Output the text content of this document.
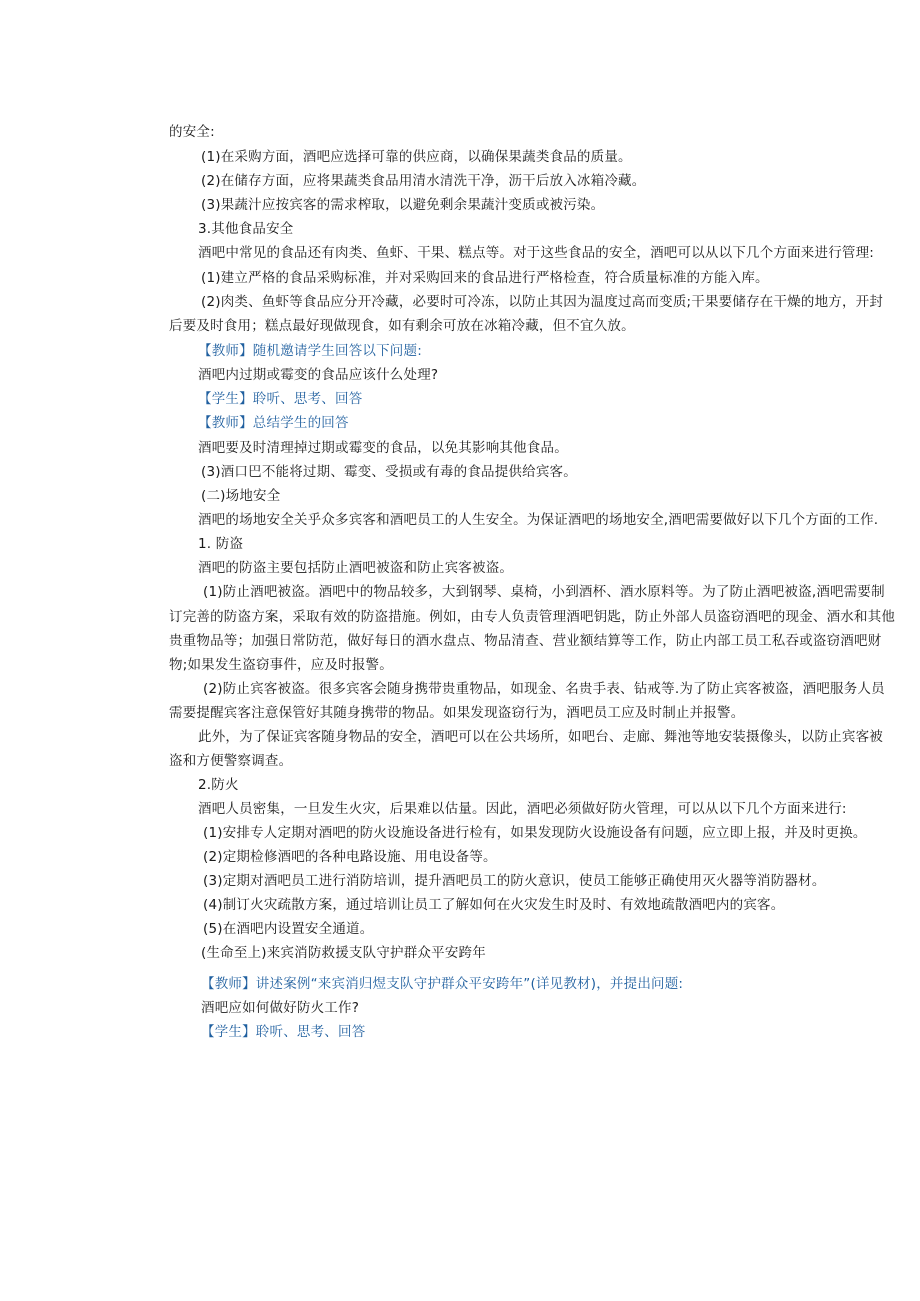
的安全:
(1)在采购方面，酒吧应选择可靠的供应商，以确保果蔬类食品的质量。
(2)在储存方面，应将果蔬类食品用清水清洗干净，沥干后放入冰箱冷藏。
(3)果蔬汁应按宾客的需求榨取，以避免剩余果蔬汁变质或被污染。
3.其他食品安全
酒吧中常见的食品还有肉类、鱼虾、干果、糕点等。对于这些食品的安全，酒吧可以从以下几个方面来进行管理:
(1)建立严格的食品采购标准，并对采购回来的食品进行严格检查，符合质量标准的方能入库。
(2)肉类、鱼虾等食品应分开冷藏，必要时可冷冻，以防止其因为温度过高而变质;干果要储存在干燥的地方，开封
后要及时食用；糕点最好现做现食，如有剩余可放在冰箱冷藏，但不宜久放。
【教师】随机邀请学生回答以下问题:
酒吧内过期或霉变的食品应该什么处理?
【学生】聆听、思考、回答
【教师】总结学生的回答
酒吧要及时清理掉过期或霉变的食品，以免其影响其他食品。
(3)酒口巴不能将过期、霉变、受损或有毒的食品提供给宾客。
(二)场地安全
酒吧的场地安全关乎众多宾客和酒吧员工的人生安全。为保证酒吧的场地安全,酒吧需要做好以下几个方面的工作.
1. 防盗
酒吧的防盗主要包括防止酒吧被盗和防止宾客被盗。
(1)防止酒吧被盗。酒吧中的物品较多，大到钢琴、桌椅，小到酒杯、酒水原料等。为了防止酒吧被盗,酒吧需要制
订完善的防盗方案，采取有效的防盗措施。例如，由专人负责管理酒吧钥匙，防止外部人员盗窃酒吧的现金、酒水和其他
贵重物品等；加强日常防范，做好每日的酒水盘点、物品清查、营业额结算等工作，防止内部工员工私吞或盗窃酒吧财
物;如果发生盗窃事件，应及时报警。
(2)防止宾客被盗。很多宾客会随身携带贵重物品，如现金、名贵手表、钻戒等.为了防止宾客被盗，酒吧服务人员
需要提醒宾客注意保管好其随身携带的物品。如果发现盗窃行为，酒吧员工应及时制止并报警。
此外，为了保证宾客随身物品的安全，酒吧可以在公共场所，如吧台、走廊、舞池等地安装摄像头，以防止宾客被
盗和方便警察调查。
2.防火
酒吧人员密集，一旦发生火灾，后果难以估量。因此，酒吧必须做好防火管理，可以从以下几个方面来进行:
(1)安排专人定期对酒吧的防火设施设备进行检有，如果发现防火设施设备有问题，应立即上报，并及时更换。
(2)定期检修酒吧的各种电路设施、用电设备等。
(3)定期对酒吧员工进行消防培训，提升酒吧员工的防火意识，使员工能够正确使用灭火器等消防器材。
(4)制订火灾疏散方案，通过培训让员工了解如何在火灾发生时及时、有效地疏散酒吧内的宾客。
(5)在酒吧内设置安全通道。
(生命至上)来宾消防救援支队守护群众平安跨年
【教师】讲述案例“来宾消归煜支队守护群众平安跨年”(详见教材)，并提出问题:
酒吧应如何做好防火工作?
【学生】聆听、思考、回答
